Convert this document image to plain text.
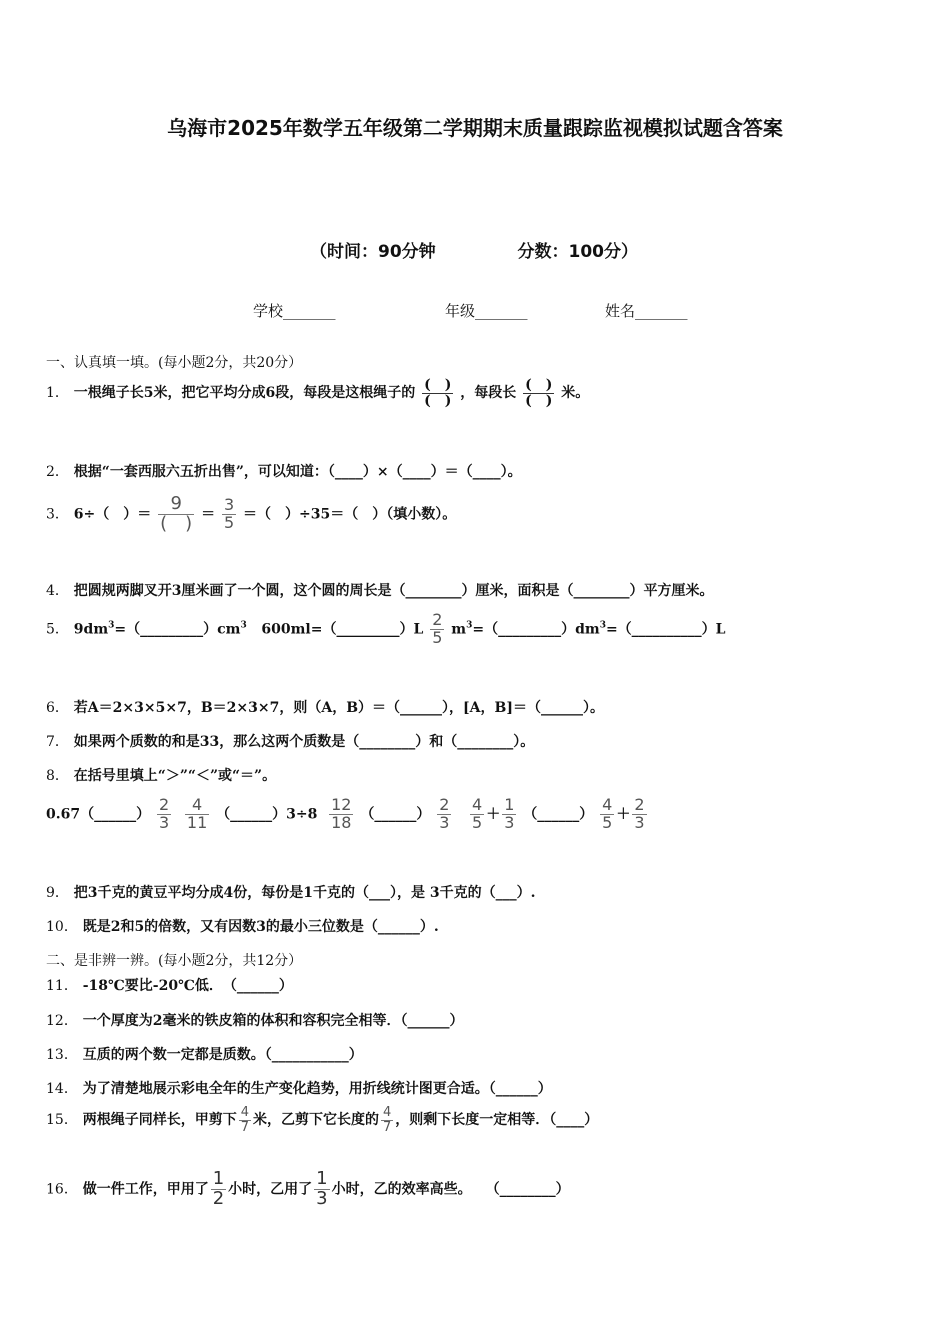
乌海市2025年数学五年级第二学期期末质量跟踪监视模拟试题含答案
（时间：90分钟	分数：100分）
学校_______	年级_______	姓名_______
一、认真填一填。(每小题2分，共20分）
1． 一根绳子长5米，把它平均分成6段，每段是这根绳子的 $\frac{( )}{( )}$ ，每段长 $\frac{( )}{( )}$ 米。
2． 根据“一套西服六五折出售”，可以知道：（____）×（____）＝（____）。
3． 6÷（　）＝ $\frac{9}{( )} = \frac{3}{5}$ ＝（　）÷35＝（　）（填小数）。
4． 把圆规两脚叉开3厘米画了一个圆，这个圆的周长是（________）厘米，面积是（________）平方厘米。
5． $9dm^3=(\_\_\_\_\_\_\_\_\_)cm^3$ 600ml=（_________）L $\frac{2}{5}$ $m^3=(\_\_\_\_\_\_\_\_\_)dm^3=(\_\_\_\_\_\_\_\_\_\_)L$
6． 若A＝2×3×5×7，B＝2×3×7，则（A，B）＝（______），[A，B]＝（______）。
7． 如果两个质数的和是33，那么这两个质数是（________）和（________）。
8． 在括号里填上“＞”“＜”或“＝”。
0.67（______） $\frac{2}{3}$
$\frac{4}{11}$ （______）3÷8 $\frac{12}{18}$ （______） $\frac{2}{3}$
$\frac{4}{5} + \frac{1}{3}$ （______） $\frac{4}{5} + \frac{2}{3}$
9． 把3千克的黄豆平均分成4份，每份是1千克的（___），是 3千克的（___）.
10． 既是2和5的倍数，又有因数3的最小三位数是（______）.
二、是非辨一辨。(每小题2分，共12分）
11． -18℃要比-20℃低．　（______）
12． 一个厚度为2毫米的铁皮箱的体积和容积完全相等．（______）
13． 互质的两个数一定都是质数。（___________）
14． 为了清楚地展示彩电全年的生产变化趋势，用折线统计图更合适。（______）
15． 两根绳子同样长，甲剪下 $\frac{4}{7}$ 米，乙剪下它长度的 $\frac{4}{7}$ ，则剩下长度一定相等．（____）
16． 做一件工作，甲用了 $\frac{1}{2}$ 小时，乙用了 $\frac{1}{3}$ 小时，乙的效率高些。　　（________）
